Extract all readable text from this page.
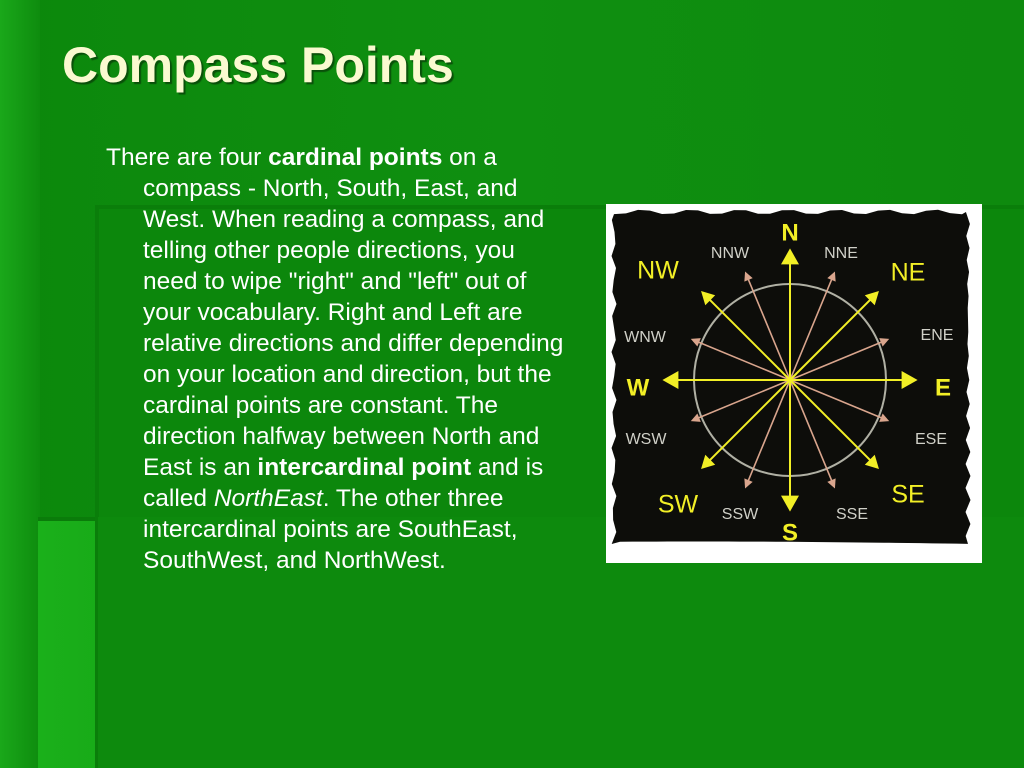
Compass Points
There are four cardinal points on a compass - North, South, East, and West. When reading a compass, and telling other people directions, you need to wipe "right" and "left" out of your vocabulary. Right and Left are relative directions and differ depending on your location and direction, but the cardinal points are constant. The direction halfway between North and East is an intercardinal point and is called NorthEast. The other three intercardinal points are SouthEast, SouthWest, and NorthWest.
N
S
E
W
NE
NW
SE
SW
NNE
NNW
SSE
SSW
ENE
ESE
WNW
WSW
